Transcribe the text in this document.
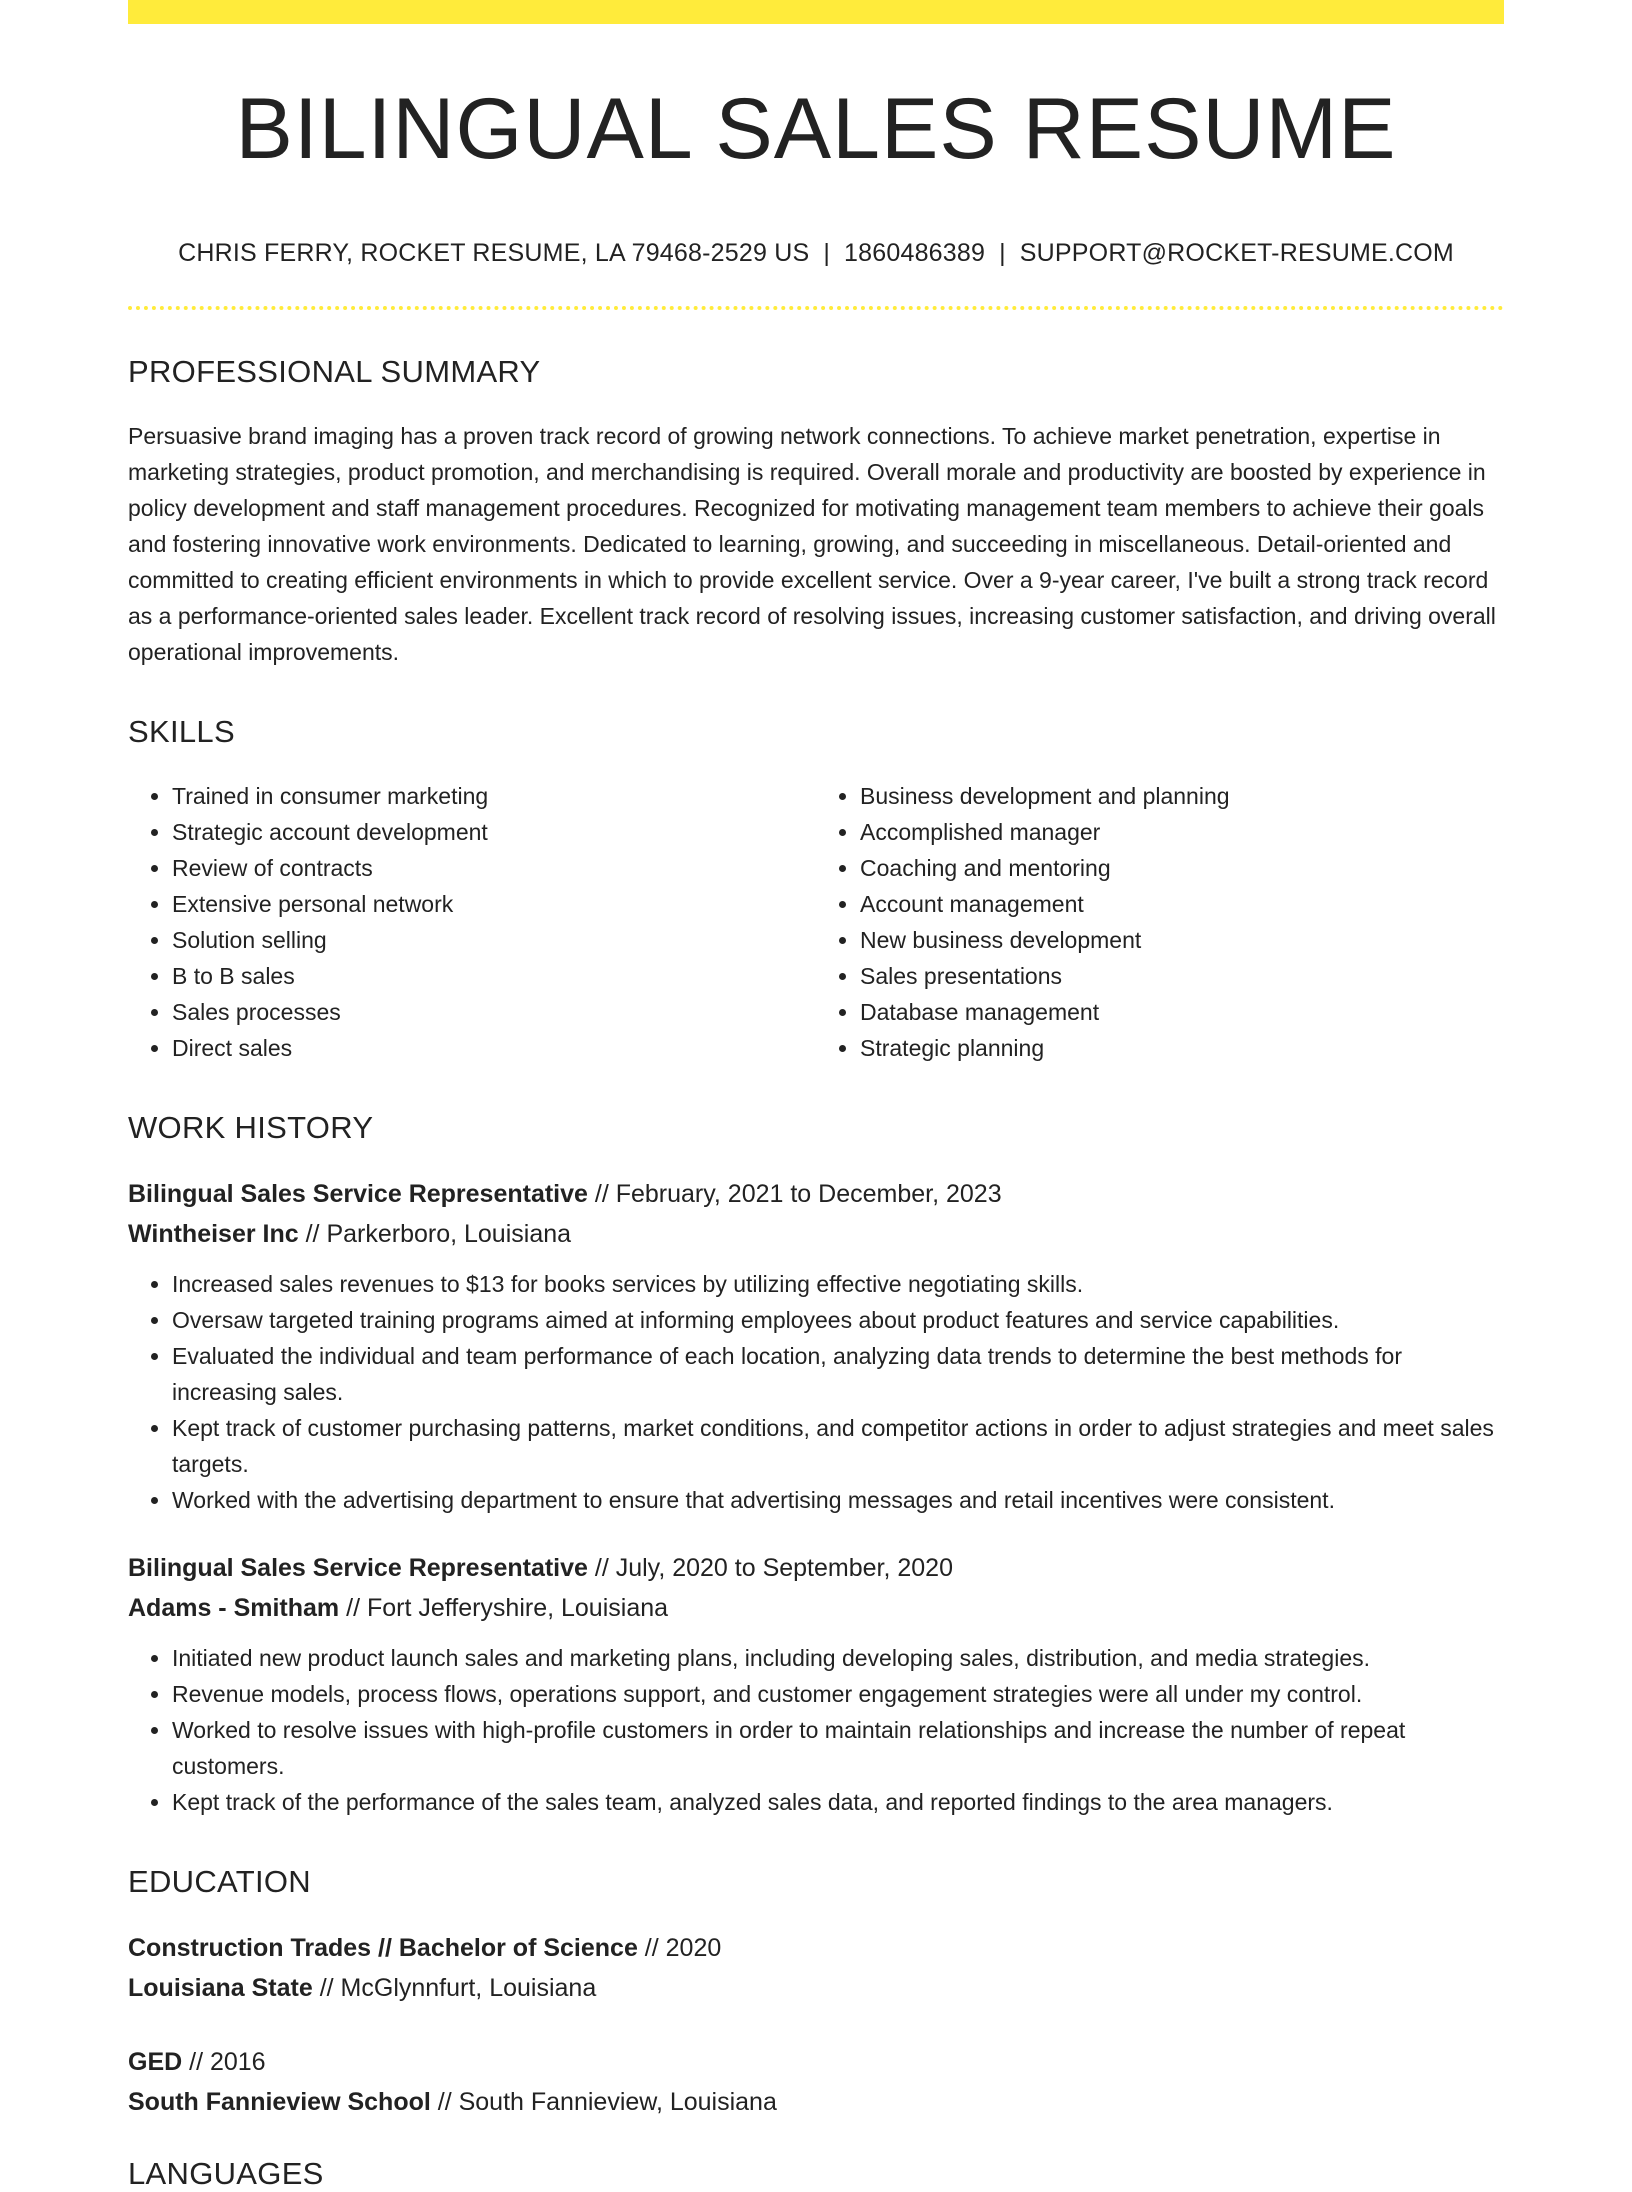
BILINGUAL SALES RESUME
CHRIS FERRY, ROCKET RESUME, LA 79468-2529 US | 1860486389 | SUPPORT@ROCKET-RESUME.COM
PROFESSIONAL SUMMARY

Persuasive brand imaging has a proven track record of growing network connections. To achieve market penetration, expertise in marketing strategies, product promotion, and merchandising is required. Overall morale and productivity are boosted by experience in policy development and staff management procedures. Recognized for motivating management team members to achieve their goals and fostering innovative work environments. Dedicated to learning, growing, and succeeding in miscellaneous. Detail-oriented and committed to creating efficient environments in which to provide excellent service. Over a 9-year career, I've built a strong track record as a performance-oriented sales leader. Excellent track record of resolving issues, increasing customer satisfaction, and driving overall operational improvements.

SKILLS
• Trained in consumer marketing
• Strategic account development
• Review of contracts
• Extensive personal network
• Solution selling
• B to B sales
• Sales processes
• Direct sales
• Business development and planning
• Accomplished manager
• Coaching and mentoring
• Account management
• New business development
• Sales presentations
• Database management
• Strategic planning
WORK HISTORY
Bilingual Sales Service Representative // February, 2021 to December, 2023
Wintheiser Inc // Parkerboro, Louisiana
• Increased sales revenues to $13 for books services by utilizing effective negotiating skills.
• Oversaw targeted training programs aimed at informing employees about product features and service capabilities.
• Evaluated the individual and team performance of each location, analyzing data trends to determine the best methods for increasing sales.
• Kept track of customer purchasing patterns, market conditions, and competitor actions in order to adjust strategies and meet sales targets.
• Worked with the advertising department to ensure that advertising messages and retail incentives were consistent.
Bilingual Sales Service Representative // July, 2020 to September, 2020
Adams - Smitham // Fort Jefferyshire, Louisiana
• Initiated new product launch sales and marketing plans, including developing sales, distribution, and media strategies.
• Revenue models, process flows, operations support, and customer engagement strategies were all under my control.
• Worked to resolve issues with high-profile customers in order to maintain relationships and increase the number of repeat customers.
• Kept track of the performance of the sales team, analyzed sales data, and reported findings to the area managers.
EDUCATION
Construction Trades // Bachelor of Science // 2020
Louisiana State // McGlynnfurt, Louisiana
GED // 2016
South Fannieview School // South Fannieview, Louisiana
LANGUAGES
